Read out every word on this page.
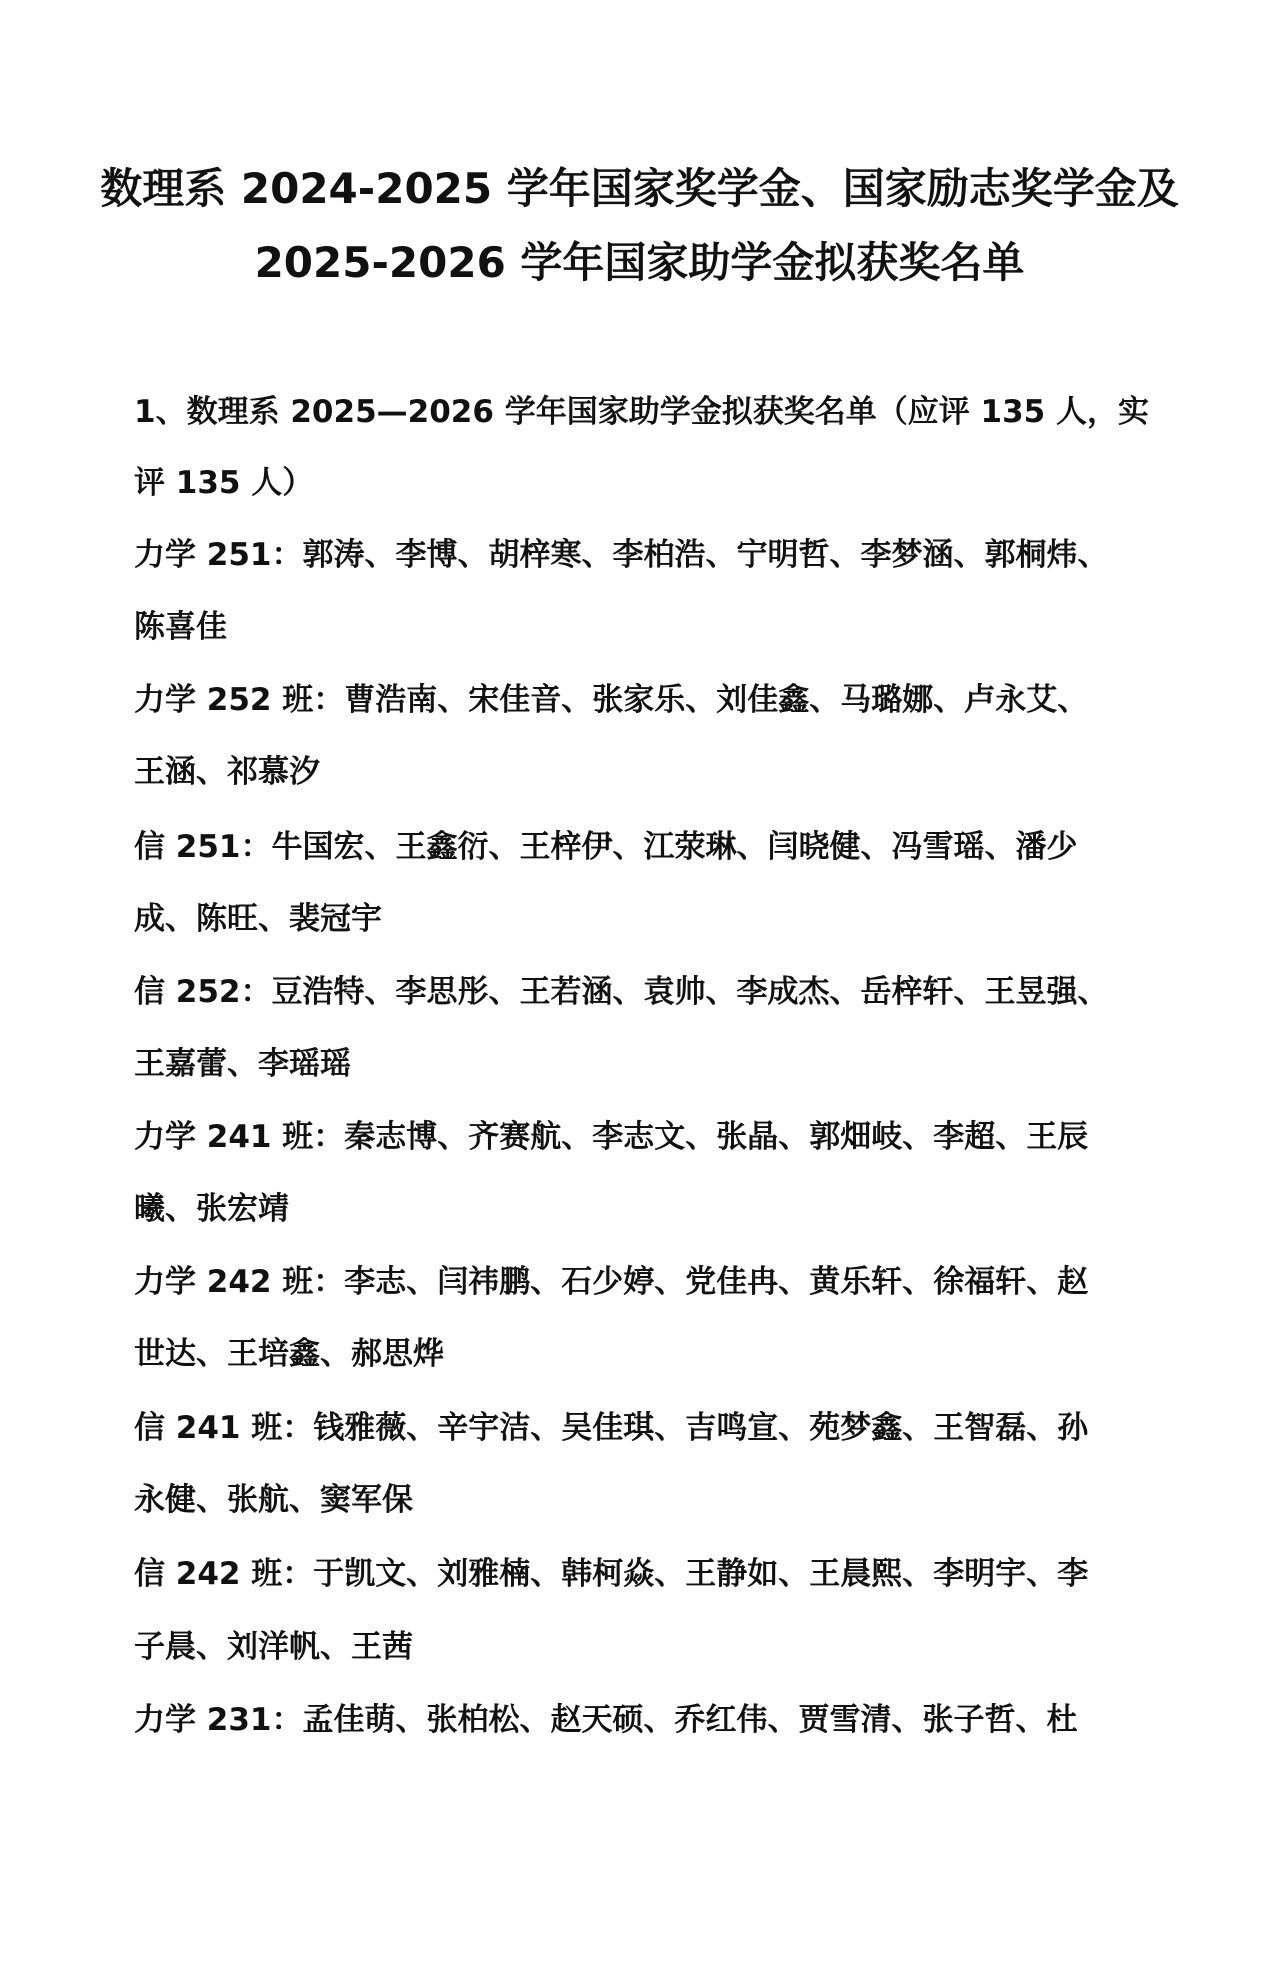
数理系 2024-2025 学年国家奖学金、国家励志奖学金及
2025-2026 学年国家助学金拟获奖名单

1、数理系 2025—2026 学年国家助学金拟获奖名单（应评 135 人，实

评 135 人）

力学 251：郭涛、李博、胡梓寒、李柏浩、宁明哲、李梦涵、郭桐炜、

陈喜佳

力学 252 班：曹浩南、宋佳音、张家乐、刘佳鑫、马璐娜、卢永艾、

王涵、祁慕汐

信 251：牛国宏、王鑫衍、王梓伊、江荥琳、闫晓健、冯雪瑶、潘少

成、陈旺、裴冠宇

信 252：豆浩特、李思彤、王若涵、袁帅、李成杰、岳梓轩、王昱强、

王嘉蕾、李瑶瑶

力学 241 班：秦志博、齐赛航、李志文、张晶、郭畑岐、李超、王辰

曦、张宏靖

力学 242 班：李志、闫祎鹏、石少婷、党佳冉、黄乐轩、徐福轩、赵

世达、王培鑫、郝思烨

信 241 班：钱雅薇、辛宇洁、吴佳琪、吉鸣宣、苑梦鑫、王智磊、孙

永健、张航、窦军保

信 242 班：于凯文、刘雅楠、韩柯焱、王静如、王晨熙、李明宇、李

子晨、刘洋帆、王茜

力学 231：孟佳萌、张柏松、赵天硕、乔红伟、贾雪清、张子哲、杜
